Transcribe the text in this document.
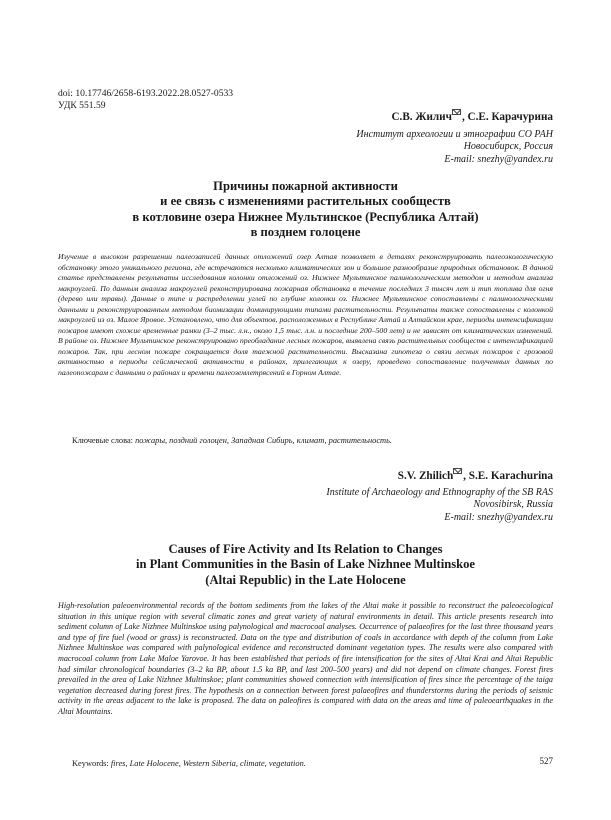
doi: 10.17746/2658-6193.2022.28.0527-0533
УДК 551.59
С.В. Жилич , С.Е. Карачурина
Институт археологии и этнографии СО РАН
Новосибирск, Россия
E-mail: snezhy@yandex.ru
Причины пожарной активности
и ее связь с изменениями растительных сообществ
в котловине озера Нижнее Мультинское (Республика Алтай)
в позднем голоцене
Изучение в высоком разрешении палеозаписей данных отложений озер Алтая позволяет в деталях реконструировать палеоэкологическую обстановку этого уникального региона, где встречаются несколько климатических зон и большое разнообразие природных обстановок. В данной статье представлены результаты исследования колонки отложений оз. Нижнее Мультинское палинологическим методом и методом анализа макроуглей. По данным анализа макроуглей реконструирована пожарная обстановка в течение последних 3 тысяч лет и тип топлива для огня (дерево или травы). Данные о типе и распределении углей по глубине колонки оз. Нижнее Мультинское сопоставлены с палинологическими данными и реконструированным методом биомизации доминирующими типами растительности. Результаты также сопоставлены с колонкой макроуглей из оз. Малое Яровое. Установлено, что для объектов, расположенных в Республике Алтай и Алтайском крае, периоды интенсификации пожаров имеют схожие временные рамки (3–2 тыс. л.н., около 1,5 тыс. л.н. и последние 200–500 лет) и не зависят от климатических изменений. В районе оз. Нижнее Мультинское реконструировано преобладание лесных пожаров, выявлена связь растительных сообществ с интенсификацией пожаров. Так, при лесном пожаре сокращается доля таежной растительности. Высказана гипотеза о связи лесных пожаров с грозовой активностью в периоды сейсмической активности в районах, прилегающих к озеру, проведено сопоставление полученных данных по палеопожарам с данными о районах и времени палеоземлетрясений в Горном Алтае.
Ключевые слова: пожары, поздний голоцен, Западная Сибирь, климат, растительность.
S.V. Zhilich , S.E. Karachurina
Institute of Archaeology and Ethnography of the SB RAS
Novosibirsk, Russia
E-mail: snezhy@yandex.ru
Causes of Fire Activity and Its Relation to Changes
in Plant Communities in the Basin of Lake Nizhnee Multinskoe
(Altai Republic) in the Late Holocene
High-resolution paleoenvironmental records of the bottom sediments from the lakes of the Altai make it possible to reconstruct the paleoecological situation in this unique region with several climatic zones and great variety of natural environments in detail. This article presents research into sediment column of Lake Nizhnee Multinskoe using palynological and macrocoal analyses. Occurrence of palaeofires for the last three thousand years and type of fire fuel (wood or grass) is reconstructed. Data on the type and distribution of coals in accordance with depth of the column from Lake Nizhnee Multinskoe was compared with palynological evidence and reconstructed dominant vegetation types. The results were also compared with macrocoal column from Lake Maloe Yarovoe. It has been established that periods of fire intensification for the sites of Altai Krai and Altai Republic had similar chronological boundaries (3–2 ka BP, about 1.5 ka BP, and last 200–500 years) and did not depend on climate changes. Forest fires prevailed in the area of Lake Nizhnee Multinskoe; plant communities showed connection with intensification of fires since the percentage of the taiga vegetation decreased during forest fires. The hypothesis on a connection between forest palaeofires and thunderstorms during the periods of seismic activity in the areas adjacent to the lake is proposed. The data on paleofires is compared with data on the areas and time of paleoearthquakes in the Altai Mountains.
Keywords: fires, Late Holocene, Western Siberia, climate, vegetation.	527
